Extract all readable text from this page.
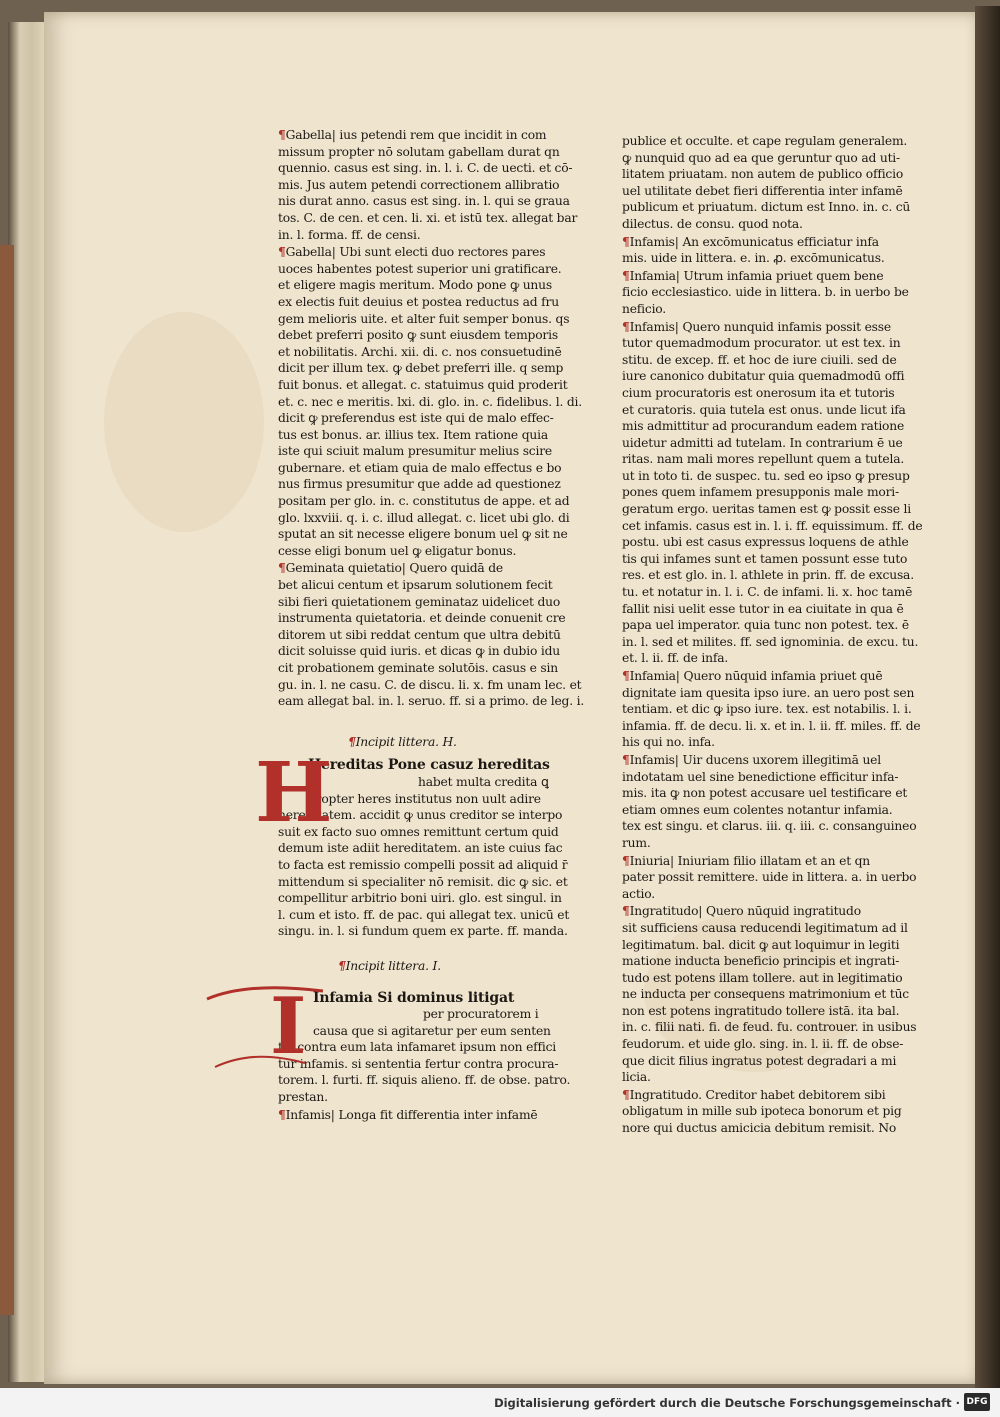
¶Gabella| ius petendi rem que incidit in com

missum propter nō solutam gabellam durat qn

quennio. casus est sing. in. l. i. C. de uecti. et cō-

mis. Jus autem petendi correctionem allibratio

nis durat anno. casus est sing. in. l. qui se graua

tos. C. de cen. et cen. li. xi. et istū tex. allegat bar

in. l. forma. ff. de censi.

¶Gabella| Ubi sunt electi duo rectores pares

uoces habentes potest superior uni gratificare.

et eligere magis meritum. Modo pone ꝙ unus

ex electis fuit deuius et postea reductus ad fru

gem melioris uite. et alter fuit semper bonus. qs

debet preferri posito ꝙ sunt eiusdem temporis

et nobilitatis. Archi. xii. di. c. nos consuetudinē

dicit per illum tex. ꝙ debet preferri ille. q semp

fuit bonus. et allegat. c. statuimus quid proderit

et. c. nec e meritis. lxi. di. glo. in. c. fidelibus. l. di.

dicit ꝙ preferendus est iste qui de malo effec-

tus est bonus. ar. illius tex. Item ratione quia

iste qui sciuit malum presumitur melius scire

gubernare. et etiam quia de malo effectus e bo

nus firmus presumitur que adde ad questionez

positam per glo. in. c. constitutus de appe. et ad

glo. lxxviii. q. i. c. illud allegat. c. licet ubi glo. di

sputat an sit necesse eligere bonum uel ꝙ sit ne

cesse eligi bonum uel ꝙ eligatur bonus.

¶Geminata quietatio| Quero quidā de

bet alicui centum et ipsarum solutionem fecit

sibi fieri quietationem geminataz uidelicet duo

instrumenta quietatoria. et deinde conuenit cre

ditorem ut sibi reddat centum que ultra debitū

dicit soluisse quid iuris. et dicas ꝙ in dubio idu

cit probationem geminate solutōis. casus e sin

gu. in. l. ne casu. C. de discu. li. x. fm unam lec. et

eam allegat bal. in. l. seruo. ff. si a primo. de leg. i.

¶Incipit littera. H.

Hereditas Pone casuz hereditas

habet multa credita ꝗ

propter heres institutus non uult adire

hereditatem. accidit ꝙ unus creditor se interpo

suit ex facto suo omnes remittunt certum quid

demum iste adiit hereditatem. an iste cuius fac

to facta est remissio compelli possit ad aliquid r̄

mittendum si specialiter nō remisit. dic ꝙ sic. et

compellitur arbitrio boni uiri. glo. est singul. in

l. cum et isto. ff. de pac. qui allegat tex. unicū et

singu. in. l. si fundum quem ex parte. ff. manda.

¶Incipit littera. I.

Infamia Si dominus litigat

per procuratorem i

causa que si agitaretur per eum senten

tia contra eum lata infamaret ipsum non effici

tur infamis. si sententia fertur contra procura-

torem. l. furti. ff. siquis alieno. ff. de obse. patro.

prestan.

¶Infamis| Longa fit differentia inter infamē

H
I

publice et occulte. et cape regulam generalem.

ꝙ nunquid quo ad ea que geruntur quo ad uti-

litatem priuatam. non autem de publico officio

uel utilitate debet fieri differentia inter infamē

publicum et priuatum. dictum est Inno. in. c. cū

dilectus. de consu. quod nota.

¶Infamis| An excōmunicatus efficiatur infa

mis. uide in littera. e. in. ꝓ. excōmunicatus.

¶Infamia| Utrum infamia priuet quem bene

ficio ecclesiastico. uide in littera. b. in uerbo be

neficio.

¶Infamis| Quero nunquid infamis possit esse

tutor quemadmodum procurator. ut est tex. in

stitu. de excep. ff. et hoc de iure ciuili. sed de

iure canonico dubitatur quia quemadmodū offi

cium procuratoris est onerosum ita et tutoris

et curatoris. quia tutela est onus. unde licut ifa

mis admittitur ad procurandum eadem ratione

uidetur admitti ad tutelam. In contrarium ē ue

ritas. nam mali mores repellunt quem a tutela.

ut in toto ti. de suspec. tu. sed eo ipso ꝙ presup

pones quem infamem presupponis male mori-

geratum ergo. ueritas tamen est ꝙ possit esse li

cet infamis. casus est in. l. i. ff. equissimum. ff. de

postu. ubi est casus expressus loquens de athle

tis qui infames sunt et tamen possunt esse tuto

res. et est glo. in. l. athlete in prin. ff. de excusa.

tu. et notatur in. l. i. C. de infami. li. x. hoc tamē

fallit nisi uelit esse tutor in ea ciuitate in qua ē

papa uel imperator. quia tunc non potest. tex. ē

in. l. sed et milites. ff. sed ignominia. de excu. tu.

et. l. ii. ff. de infa.

¶Infamia| Quero nūquid infamia priuet quē

dignitate iam quesita ipso iure. an uero post sen

tentiam. et dic ꝙ ipso iure. tex. est notabilis. l. i.

infamia. ff. de decu. li. x. et in. l. ii. ff. miles. ff. de

his qui no. infa.

¶Infamis| Uir ducens uxorem illegitimā uel

indotatam uel sine benedictione efficitur infa-

mis. ita ꝙ non potest accusare uel testificare et

etiam omnes eum colentes notantur infamia.

tex est singu. et clarus. iii. q. iii. c. consanguineo

rum.

¶Iniuria| Iniuriam filio illatam et an et qn

pater possit remittere. uide in littera. a. in uerbo

actio.

¶Ingratitudo| Quero nūquid ingratitudo

sit sufficiens causa reducendi legitimatum ad il

legitimatum. bal. dicit ꝙ aut loquimur in legiti

matione inducta beneficio principis et ingrati-

tudo est potens illam tollere. aut in legitimatio

ne inducta per consequens matrimonium et tūc

non est potens ingratitudo tollere istā. ita bal.

in. c. filii nati. fi. de feud. fu. controuer. in usibus

feudorum. et uide glo. sing. in. l. ii. ff. de obse-

que dicit filius ingratus potest degradari a mi

licia.

¶Ingratitudo. Creditor habet debitorem sibi

obligatum in mille sub ipoteca bonorum et pig

nore qui ductus amicicia debitum remisit. No

Digitalisierung gefördert durch die Deutsche Forschungsgemeinschaft · DFG
